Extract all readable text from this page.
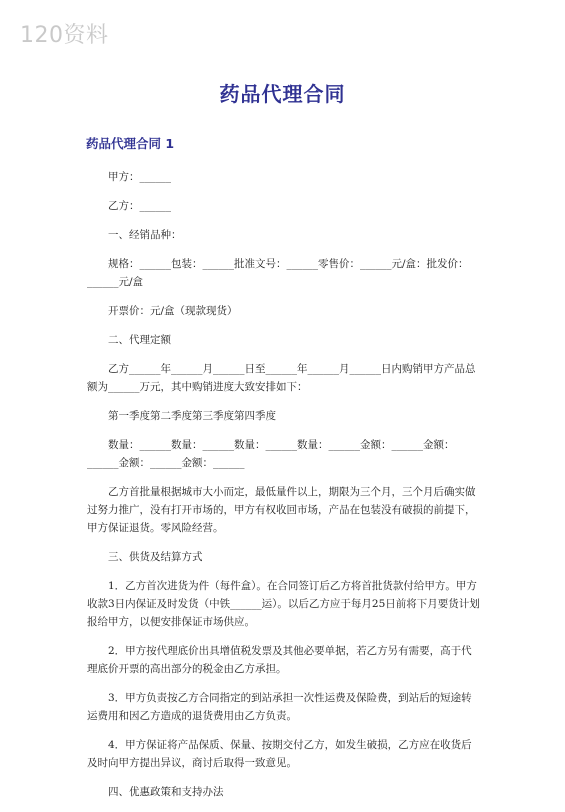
120资料
药品代理合同
药品代理合同 1

甲方：______

乙方：______

一、经销品种：

规格：______包装：______批准文号：______零售价：______元/盒：批发价：______元/盒

开票价：元/盒（现款现货）

二、代理定额

乙方______年______月______日至______年______月______日内购销甲方产品总额为______万元，其中购销进度大致安排如下：

第一季度第二季度第三季度第四季度

数量：______数量：______数量：______数量：______金额：______金额：______金额：______金额：______

乙方首批量根据城市大小而定，最低量件以上，期限为三个月，三个月后确实做过努力推广，没有打开市场的，甲方有权收回市场，产品在包装没有破损的前提下，甲方保证退货。零风险经营。

三、供货及结算方式

1．乙方首次进货为件（每件盒）。在合同签订后乙方将首批货款付给甲方。甲方收款3日内保证及时发货（中铁______运）。以后乙方应于每月25日前将下月要货计划报给甲方，以便安排保证市场供应。

2．甲方按代理底价出具增值税发票及其他必要单据，若乙方另有需要，高于代理底价开票的高出部分的税金由乙方承担。

3．甲方负责按乙方合同指定的到站承担一次性运费及保险费，到站后的短途转运费用和因乙方造成的退货费用由乙方负责。

4．甲方保证将产品保质、保量、按期交付乙方，如发生破损，乙方应在收货后及时向甲方提出异议，商讨后取得一致意见。

四、优惠政策和支持办法
